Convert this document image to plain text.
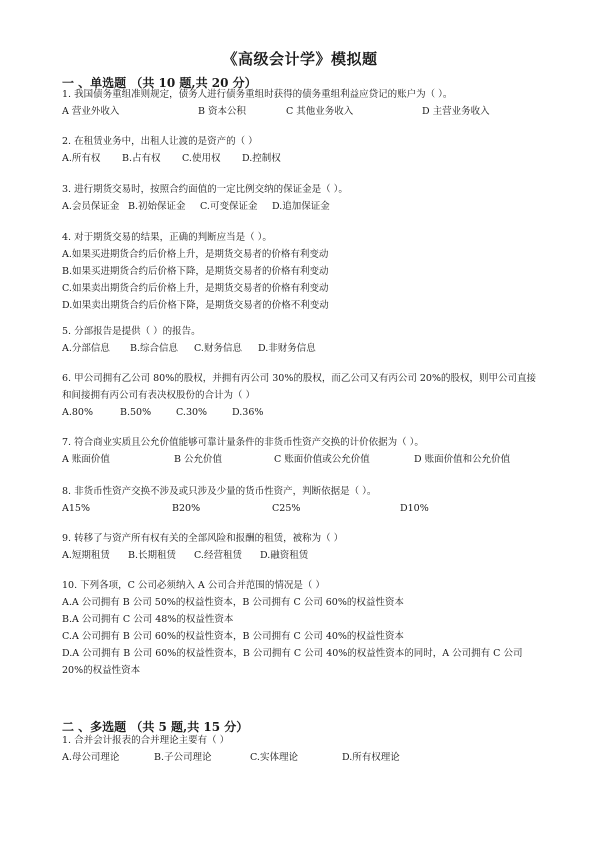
《高级会计学》模拟题
一 、单选题 （共 10 题,共 20 分）
1. 我国债务重组准则规定，债务人进行债务重组时获得的债务重组利益应贷记的账户为（ ）。
A 营业外收入	B 资本公积	C 其他业务收入	D 主营业务收入
2. 在租赁业务中，出租人让渡的是资产的（ ）
A.所有权 B.占有权 C.使用权 D.控制权
3. 进行期货交易时，按照合约面值的一定比例交纳的保证金是（ ）。
A.会员保证金 B.初始保证金 C.可变保证金 D.追加保证金
4. 对于期货交易的结果，正确的判断应当是（ ）。
A.如果买进期货合约后价格上升，是期货交易者的价格有利变动
B.如果买进期货合约后价格下降，是期货交易者的价格有利变动
C.如果卖出期货合约后价格上升，是期货交易者的价格有利变动
D.如果卖出期货合约后价格下降，是期货交易者的价格不利变动
5. 分部报告是提供（ ）的报告。
A.分部信息 B.综合信息 C.财务信息 D.非财务信息
6. 甲公司拥有乙公司 80%的股权，并拥有丙公司 30%的股权，而乙公司又有丙公司 20%的股权，则甲公司直接和间接拥有丙公司有表决权股份的合计为（ ）
A.80%	B.50%	C.30%	D.36%
7. 符合商业实质且公允价值能够可靠计量条件的非货币性资产交换的计价依据为（ ）。
A 账面价值	B 公允价值	C 账面价值或公允价值	D 账面价值和公允价值
8. 非货币性资产交换不涉及或只涉及少量的货币性资产，判断依据是（ ）。
A15%	B20%	C25%	D10%
9. 转移了与资产所有权有关的全部风险和报酬的租赁，被称为（ ）
A.短期租赁 B.长期租赁 C.经营租赁 D.融资租赁
10. 下列各项，C 公司必须纳入 A 公司合并范围的情况是（ ）
A.A 公司拥有 B 公司 50%的权益性资本，B 公司拥有 C 公司 60%的权益性资本
B.A 公司拥有 C 公司 48%的权益性资本
C.A 公司拥有 B 公司 60%的权益性资本，B 公司拥有 C 公司 40%的权益性资本
D.A 公司拥有 B 公司 60%的权益性资本，B 公司拥有 C 公司 40%的权益性资本的同时，A 公司拥有 C 公司 20%的权益性资本
二 、多选题 （共 5 题,共 15 分）
1. 合并会计报表的合并理论主要有（ ）
A.母公司理论	B.子公司理论	C.实体理论	D.所有权理论
